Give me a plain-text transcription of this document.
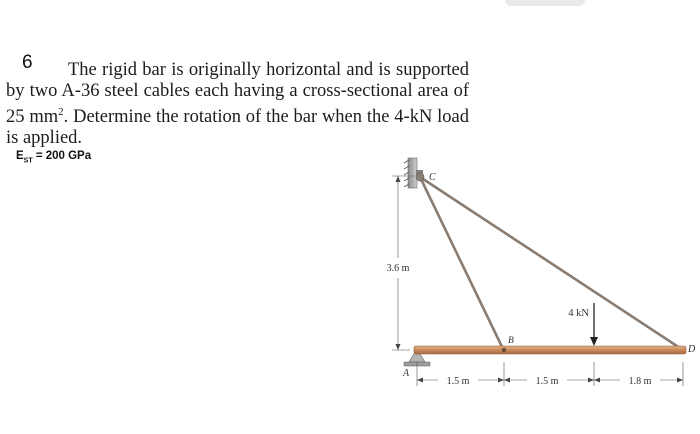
6	The rigid bar is originally horizontal and is supported by two A-36 steel cables each having a cross-sectional area of 25 $mm^2$. Determine the rotation of the bar when the 4-kN load is applied.
$E_{ST} = 200$ GPa
3.6 m
C
B
D
A
4 kN
1.5 m	1.5 m	1.8 m
